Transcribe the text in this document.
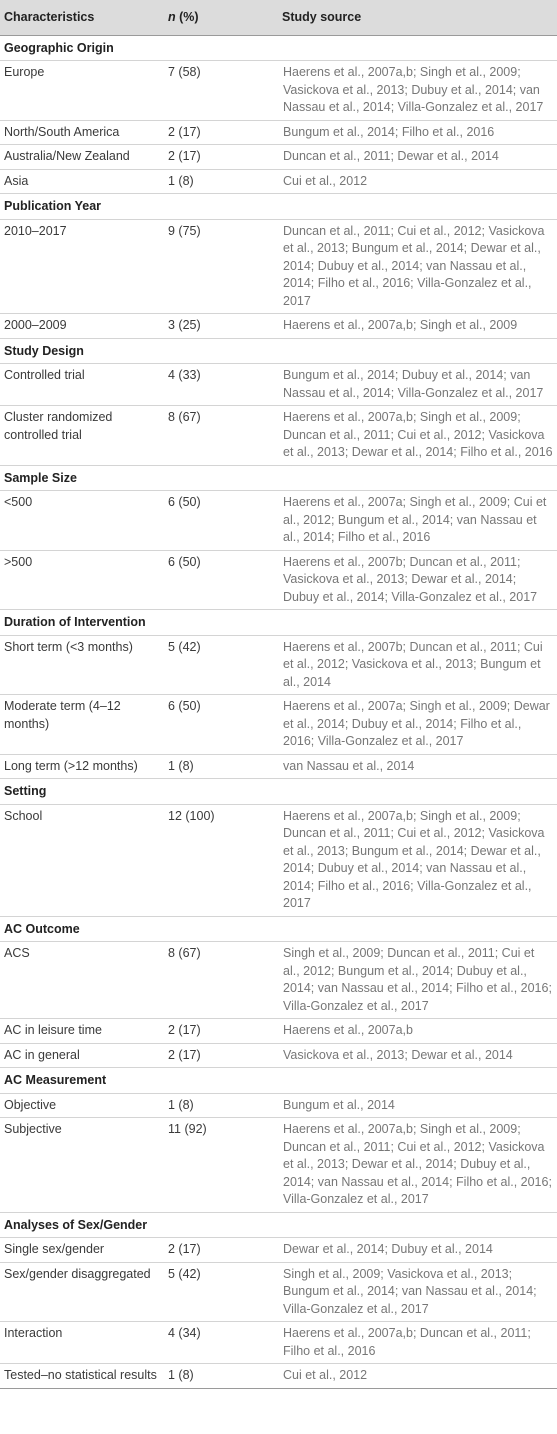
Characteristics	n (%)	Study source
Geographic Origin		
Europe	7 (58)	Haerens et al., 2007a,b; Singh et al., 2009; Vasickova et al., 2013; Dubuy et al., 2014; van Nassau et al., 2014; Villa-Gonzalez et al., 2017
North/South America	2 (17)	Bungum et al., 2014; Filho et al., 2016
Australia/New Zealand	2 (17)	Duncan et al., 2011; Dewar et al., 2014
Asia	1 (8)	Cui et al., 2012
Publication Year		
2010–2017	9 (75)	Duncan et al., 2011; Cui et al., 2012; Vasickova et al., 2013; Bungum et al., 2014; Dewar et al., 2014; Dubuy et al., 2014; van Nassau et al., 2014; Filho et al., 2016; Villa-Gonzalez et al., 2017
2000–2009	3 (25)	Haerens et al., 2007a,b; Singh et al., 2009
Study Design		
Controlled trial	4 (33)	Bungum et al., 2014; Dubuy et al., 2014; van Nassau et al., 2014; Villa-Gonzalez et al., 2017
Cluster randomized controlled trial	8 (67)	Haerens et al., 2007a,b; Singh et al., 2009; Duncan et al., 2011; Cui et al., 2012; Vasickova et al., 2013; Dewar et al., 2014; Filho et al., 2016
Sample Size		
<500	6 (50)	Haerens et al., 2007a; Singh et al., 2009; Cui et al., 2012; Bungum et al., 2014; van Nassau et al., 2014; Filho et al., 2016
>500	6 (50)	Haerens et al., 2007b; Duncan et al., 2011; Vasickova et al., 2013; Dewar et al., 2014; Dubuy et al., 2014; Villa-Gonzalez et al., 2017
Duration of Intervention		
Short term (<3 months)	5 (42)	Haerens et al., 2007b; Duncan et al., 2011; Cui et al., 2012; Vasickova et al., 2013; Bungum et al., 2014
Moderate term (4–12 months)	6 (50)	Haerens et al., 2007a; Singh et al., 2009; Dewar et al., 2014; Dubuy et al., 2014; Filho et al., 2016; Villa-Gonzalez et al., 2017
Long term (>12 months)	1 (8)	van Nassau et al., 2014
Setting		
School	12 (100)	Haerens et al., 2007a,b; Singh et al., 2009; Duncan et al., 2011; Cui et al., 2012; Vasickova et al., 2013; Bungum et al., 2014; Dewar et al., 2014; Dubuy et al., 2014; van Nassau et al., 2014; Filho et al., 2016; Villa-Gonzalez et al., 2017
AC Outcome		
ACS	8 (67)	Singh et al., 2009; Duncan et al., 2011; Cui et al., 2012; Bungum et al., 2014; Dubuy et al., 2014; van Nassau et al., 2014; Filho et al., 2016; Villa-Gonzalez et al., 2017
AC in leisure time	2 (17)	Haerens et al., 2007a,b
AC in general	2 (17)	Vasickova et al., 2013; Dewar et al., 2014
AC Measurement		
Objective	1 (8)	Bungum et al., 2014
Subjective	11 (92)	Haerens et al., 2007a,b; Singh et al., 2009; Duncan et al., 2011; Cui et al., 2012; Vasickova et al., 2013; Dewar et al., 2014; Dubuy et al., 2014; van Nassau et al., 2014; Filho et al., 2016; Villa-Gonzalez et al., 2017
Analyses of Sex/Gender		
Single sex/gender	2 (17)	Dewar et al., 2014; Dubuy et al., 2014
Sex/gender disaggregated	5 (42)	Singh et al., 2009; Vasickova et al., 2013; Bungum et al., 2014; van Nassau et al., 2014; Villa-Gonzalez et al., 2017
Interaction	4 (34)	Haerens et al., 2007a,b; Duncan et al., 2011; Filho et al., 2016
Tested–no statistical results	1 (8)	Cui et al., 2012
